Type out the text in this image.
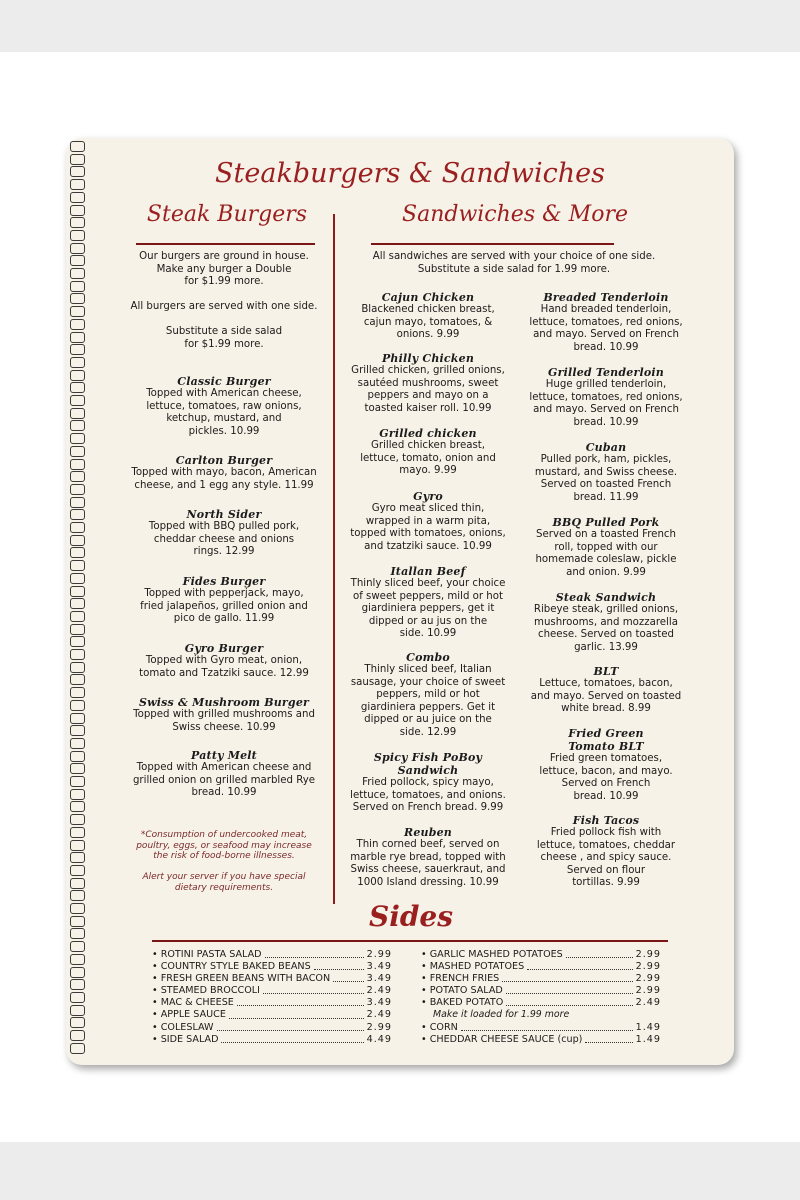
Steakburgers & Sandwiches
Steak Burgers	Sandwiches & More
Our burgers are ground in house.
Make any burger a Double
for $1.99 more.
All burgers are served with one side.
Substitute a side salad
for $1.99 more.
Classic Burger
Topped with American cheese,
lettuce, tomatoes, raw onions,
ketchup, mustard, and
pickles. 10.99
Carlton Burger
Topped with mayo, bacon, American
cheese, and 1 egg any style. 11.99
North Sider
Topped with BBQ pulled pork,
cheddar cheese and onions
rings. 12.99
Fides Burger
Topped with pepperjack, mayo,
fried jalapeños, grilled onion and
pico de gallo. 11.99
Gyro Burger
Topped with Gyro meat, onion,
tomato and Tzatziki sauce. 12.99
Swiss & Mushroom Burger
Topped with grilled mushrooms and
Swiss cheese. 10.99
Patty Melt
Topped with American cheese and
grilled onion on grilled marbled Rye
bread. 10.99
*Consumption of undercooked meat,
poultry, eggs, or seafood may increase
the risk of food-borne illnesses.
Alert your server if you have special
dietary requirements.
All sandwiches are served with your choice of one side.
Substitute a side salad for 1.99 more.
Cajun Chicken
Blackened chicken breast,
cajun mayo, tomatoes, &
onions. 9.99
Philly Chicken
Grilled chicken, grilled onions,
sautéed mushrooms, sweet
peppers and mayo on a
toasted kaiser roll. 10.99
Grilled chicken
Grilled chicken breast,
lettuce, tomato, onion and
mayo. 9.99
Gyro
Gyro meat sliced thin,
wrapped in a warm pita,
topped with tomatoes, onions,
and tzatziki sauce. 10.99
Itallan Beef
Thinly sliced beef, your choice
of sweet peppers, mild or hot
giardiniera peppers, get it
dipped or au jus on the
side. 10.99
Combo
Thinly sliced beef, Italian
sausage, your choice of sweet
peppers, mild or hot
giardiniera peppers. Get it
dipped or au juice on the
side. 12.99
Spicy Fish PoBoy Sandwich
Fried pollock, spicy mayo,
lettuce, tomatoes, and onions.
Served on French bread. 9.99
Reuben
Thin corned beef, served on
marble rye bread, topped with
Swiss cheese, sauerkraut, and
1000 Island dressing. 10.99
Breaded Tenderloin
Hand breaded tenderloin,
lettuce, tomatoes, red onions,
and mayo. Served on French
bread. 10.99
Grilled Tenderloin
Huge grilled tenderloin,
lettuce, tomatoes, red onions,
and mayo. Served on French
bread. 10.99
Cuban
Pulled pork, ham, pickles,
mustard, and Swiss cheese.
Served on toasted French
bread. 11.99
BBQ Pulled Pork
Served on a toasted French
roll, topped with our
homemade coleslaw, pickle
and onion. 9.99
Steak Sandwich
Ribeye steak, grilled onions,
mushrooms, and mozzarella
cheese. Served on toasted
garlic. 13.99
BLT
Lettuce, tomatoes, bacon,
and mayo. Served on toasted
white bread. 8.99
Fried Green Tomato BLT
Fried green tomatoes,
lettuce, bacon, and mayo.
Served on French
bread. 10.99
Fish Tacos
Fried pollock fish with
lettuce, tomatoes, cheddar
cheese , and spicy sauce.
Served on flour
tortillas. 9.99
Sides
• ROTINI PASTA SALAD	2.99
• COUNTRY STYLE BAKED BEANS	3.49
• FRESH GREEN BEANS WITH BACON	3.49
• STEAMED BROCCOLI	2.49
• MAC & CHEESE	3.49
• APPLE SAUCE	2.49
• COLESLAW	2.99
• SIDE SALAD	4.49
• GARLIC MASHED POTATOES	2.99
• MASHED POTATOES	2.99
• FRENCH FRIES	2.99
• POTATO SALAD	2.99
• BAKED POTATO	2.49
Make it loaded for 1.99 more
• CORN	1.49
• CHEDDAR CHEESE SAUCE (cup)	1.49
